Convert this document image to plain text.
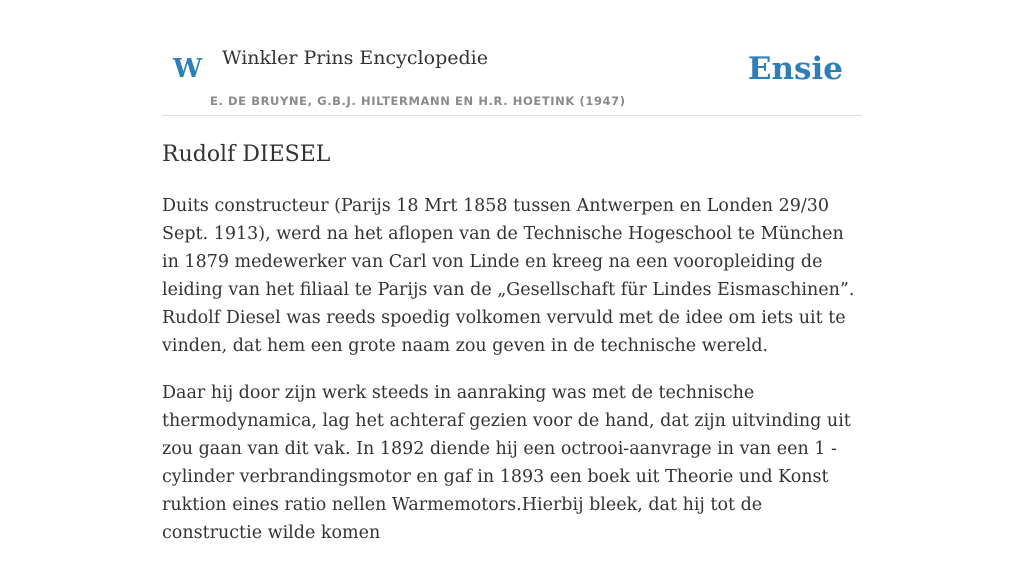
W Winkler Prins Encyclopedie
E. DE BRUYNE, G.B.J. HILTERMANN EN H.R. HOETINK (1947)
Ensie
Rudolf DIESEL

Duits constructeur (Parijs 18 Mrt 1858 tussen Antwerpen en Londen 29/30 Sept. 1913), werd na het aflopen van de Technische Hogeschool te München in 1879 medewerker van Carl von Linde en kreeg na een vooropleiding de leiding van het filiaal te Parijs van de „Gesellschaft für Lindes Eismaschinen”. Rudolf Diesel was reeds spoedig volkomen vervuld met de idee om iets uit te vinden, dat hem een grote naam zou geven in de technische wereld.

Daar hij door zijn werk steeds in aanraking was met de technische thermodynamica, lag het achteraf gezien voor de hand, dat zijn uitvinding uit zou gaan van dit vak. In 1892 diende hij een octrooi-aanvrage in van een 1 -cylinder verbrandingsmotor en gaf in 1893 een boek uit Theorie und Konst ruktion eines ratio nellen Warmemotors.Hierbij bleek, dat hij tot de constructie wilde komen
